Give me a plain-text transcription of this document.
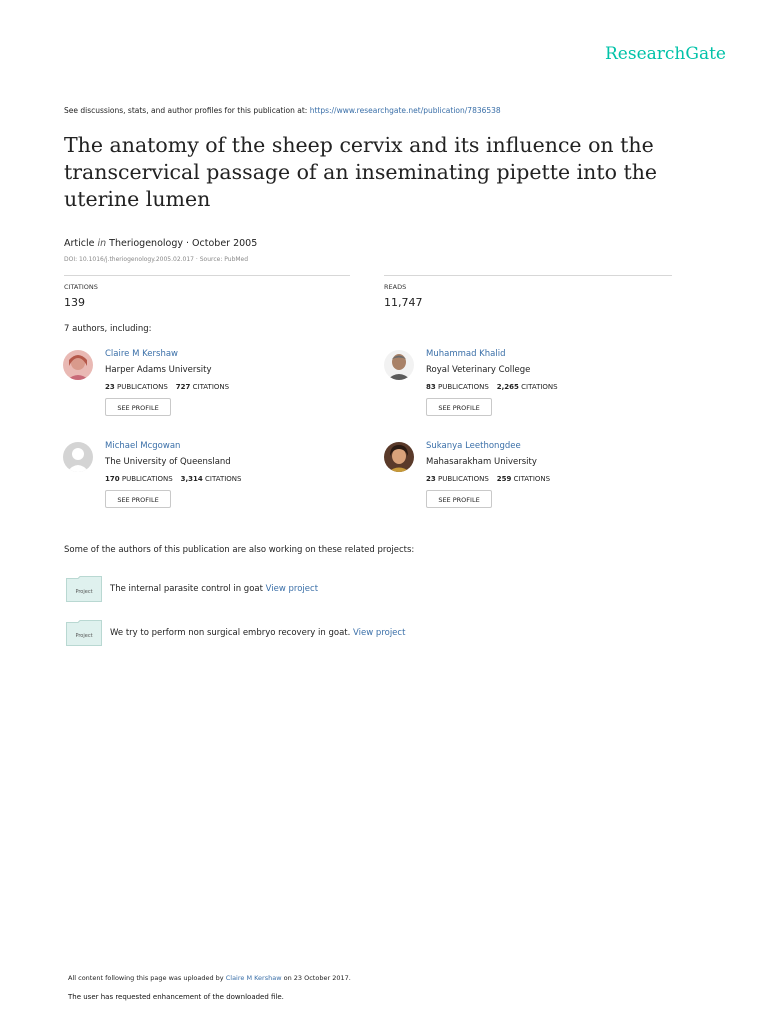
ResearchGate
See discussions, stats, and author profiles for this publication at: https://www.researchgate.net/publication/7836538
The anatomy of the sheep cervix and its influence on the transcervical passage of an inseminating pipette into the uterine lumen
Article in Theriogenology · October 2005
DOI: 10.1016/j.theriogenology.2005.02.017 · Source: PubMed
CITATIONS
139
READS
11,747
7 authors, including:
Claire M Kershaw
Harper Adams University
23 PUBLICATIONS 727 CITATIONS
SEE PROFILE
Muhammad Khalid
Royal Veterinary College
83 PUBLICATIONS 2,265 CITATIONS
SEE PROFILE
Michael Mcgowan
The University of Queensland
170 PUBLICATIONS 3,314 CITATIONS
SEE PROFILE
Sukanya Leethongdee
Mahasarakham University
23 PUBLICATIONS 259 CITATIONS
SEE PROFILE
Some of the authors of this publication are also working on these related projects:
Project The internal parasite control in goat View project
Project We try to perform non surgical embryo recovery in goat. View project
All content following this page was uploaded by Claire M Kershaw on 23 October 2017.
The user has requested enhancement of the downloaded file.
